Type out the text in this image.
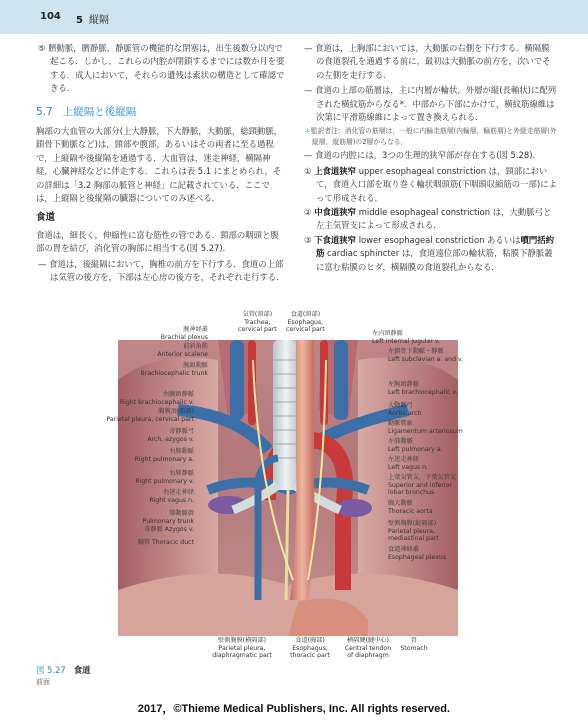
104 5 縦隔

⑤ 臍動脈，臍静脈，静脈管の機能的な閉塞は，出生後数分以内で起こる．しかし，これらの内腔が閉鎖するまでには数か月を要する．成人において，それらの遺残は索状の構造として確認できる．

5.7 上縦隔と後縦隔

胸部の大血管の大部分(上大静脈，下大静脈，大動脈，総頸動脈，鎖骨下動脈など)は，頸部や腹部，あるいはその両者に至る過程で，上縦隔や後縦隔を通過する．大血管は，迷走神経，横隔神経，心臓神経などに伴走する．これらは表 5.1 にまとめられ，その詳細は「3.2 胸部の脈管と神経」に記載されている．ここでは，上縦隔と後縦隔の臓器についてのみ述べる．

食道

食道は，細長く，伸縮性に富む筋性の管である．頸部の咽頭と腹部の胃を結び，消化管の胸部に相当する(図 5.27)．

— 食道は，後縦隔において，胸椎の前方を下行する．食道の上部は気管の後方を，下部は左心房の後方を，それぞれ走行する．

— 食道は，上胸部においては，大動脈の右側を下行する．横隔膜の食道裂孔を通過する前に，最初は大動脈の前方を，次いでその左側を走行する．

— 食道の上部の筋層は，主に内層が輪状，外層が縦(長軸状)に配列された横紋筋からなる*．中部から下部にかけて，横紋筋線維は次第に平滑筋線維によって置き換えられる．

＊監訳者注：消化管の筋層は，一般に内輪走筋層(内輪層，輪筋層)と外縦走筋層(外縦層，縦筋層)の2層からなる．

— 食道の内腔には，3つの生理的狭窄部が存在する(図 5.28)．

① 上食道狭窄 upper esophageal constriction は，頸部において，食道入口部を取り巻く輪状咽頭筋(下咽頭収縮筋の一部)によって形成される．

② 中食道狭窄 middle esophageal constriction は，大動脈弓と左主気管支によって形成される．

③ 下食道狭窄 lower esophageal constriction あるいは噴門括約筋 cardiac sphincter は，食道遠位部の輪状筋，粘膜下静脈叢に富む粘膜のヒダ，横隔膜の食道裂孔からなる．

気管(頸部)
Trachea,
cervical part
食道(頸部)
Esophagus,
cervical part
腕神経叢
Brachial plexus
前斜角筋
Anterior scalene
腕頭動脈
Brachiocephalic trunk
右腕頭静脈
Right brachiocephalic v.
胸膜頂(頸部)
Parietal pleura, cervical part
奇静脈弓
Arch, azygos v.
右肺動脈
Right pulmonary a.
右肺静脈
Right pulmonary v.
右迷走神経
Right vagus n.
肺動脈幹
Pulmonary trunk
奇静脈 Azygos v.
胸管 Thoracic duct
左内頸静脈
Left internal jugular v.
左鎖骨下動脈・静脈
Left subclavian a. and v.
左腕頭静脈
Left brachiocephalic v.
大動脈弓
Aortic arch
動脈管索
Ligamentum arteriosum
左肺動脈
Left pulmonary a.
左迷走神経
Left vagus n.
上葉気管支，下葉気管支
Superior and inferior
lobar bronchus
胸大動脈
Thoracic aorta
壁側胸膜(縦隔部)
Parietal pleura,
mediastinal part
食道神経叢
Esophageal plexus
壁側胸膜(横隔部)
Parietal pleura,
diaphragmatic part
食道(胸部)
Esophagus,
thoracic part
横隔腱(腱中心)
Central tendon
of diaphragm
胃
Stomach
図 5.27 食道
前面
2017，©Thieme Medical Publishers, Inc. All rights reserved.
